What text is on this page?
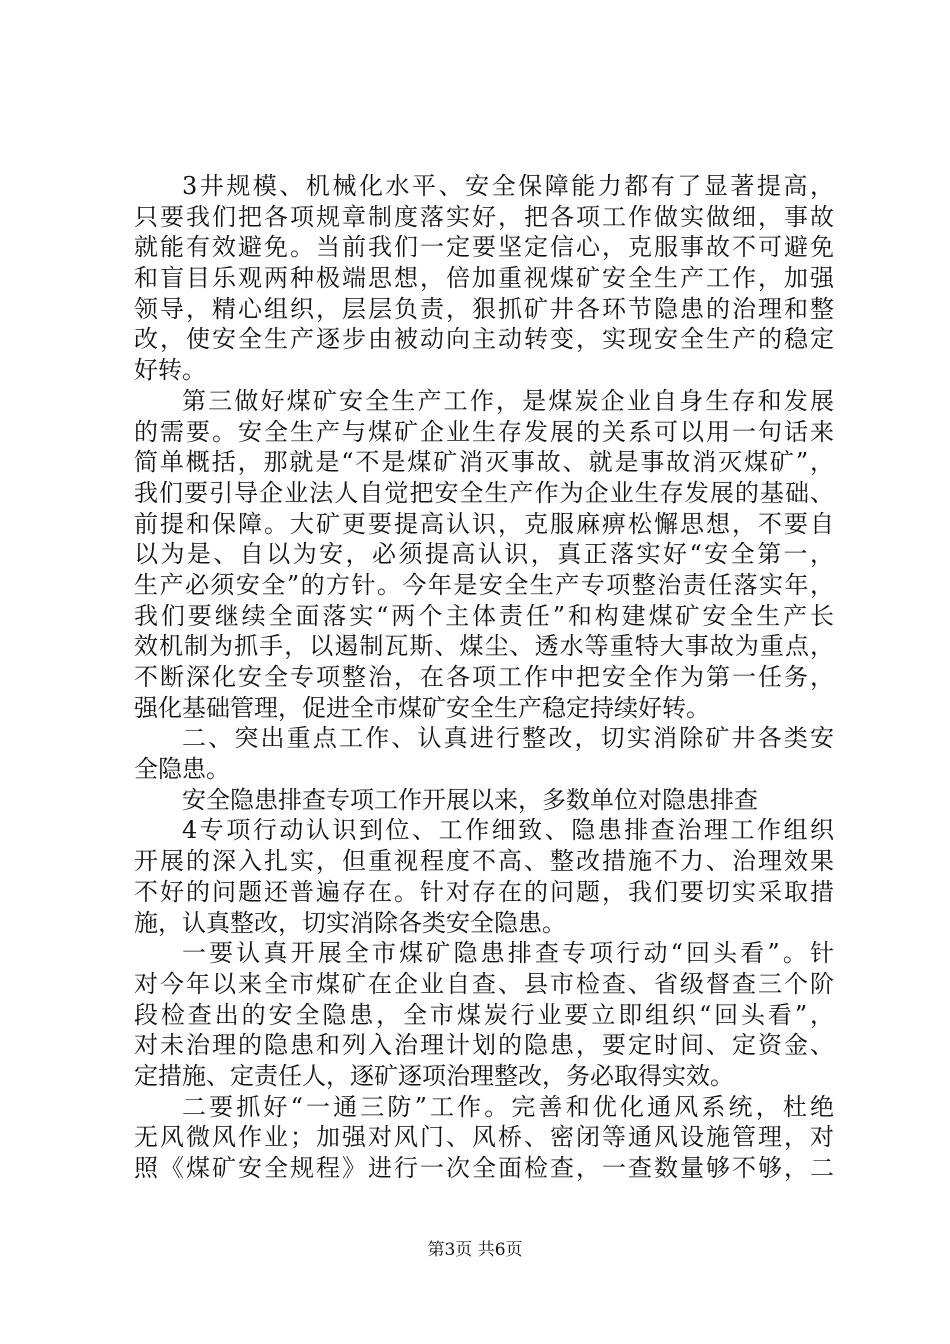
3井规模、机械化水平、安全保障能力都有了显著提高，
只要我们把各项规章制度落实好，把各项工作做实做细，事故
就能有效避免。当前我们一定要坚定信心，克服事故不可避免
和盲目乐观两种极端思想，倍加重视煤矿安全生产工作，加强
领导，精心组织，层层负责，狠抓矿井各环节隐患的治理和整
改，使安全生产逐步由被动向主动转变，实现安全生产的稳定
好转。
第三做好煤矿安全生产工作，是煤炭企业自身生存和发展
的需要。安全生产与煤矿企业生存发展的关系可以用一句话来
简单概括，那就是“不是煤矿消灭事故、就是事故消灭煤矿”，
我们要引导企业法人自觉把安全生产作为企业生存发展的基础、
前提和保障。大矿更要提高认识，克服麻痹松懈思想，不要自
以为是、自以为安，必须提高认识，真正落实好“安全第一，
生产必须安全”的方针。今年是安全生产专项整治责任落实年，
我们要继续全面落实“两个主体责任”和构建煤矿安全生产长
效机制为抓手，以遏制瓦斯、煤尘、透水等重特大事故为重点，
不断深化安全专项整治，在各项工作中把安全作为第一任务，
强化基础管理，促进全市煤矿安全生产稳定持续好转。
二、突出重点工作、认真进行整改，切实消除矿井各类安
全隐患。
安全隐患排查专项工作开展以来，多数单位对隐患排查
4专项行动认识到位、工作细致、隐患排查治理工作组织
开展的深入扎实，但重视程度不高、整改措施不力、治理效果
不好的问题还普遍存在。针对存在的问题，我们要切实采取措
施，认真整改，切实消除各类安全隐患。
一要认真开展全市煤矿隐患排查专项行动“回头看”。针
对今年以来全市煤矿在企业自查、县市检查、省级督查三个阶
段检查出的安全隐患，全市煤炭行业要立即组织“回头看”，
对未治理的隐患和列入治理计划的隐患，要定时间、定资金、
定措施、定责任人，逐矿逐项治理整改，务必取得实效。
二要抓好“一通三防”工作。完善和优化通风系统，杜绝
无风微风作业；加强对风门、风桥、密闭等通风设施管理，对
照《煤矿安全规程》进行一次全面检查，一查数量够不够，二
第3页 共6页
